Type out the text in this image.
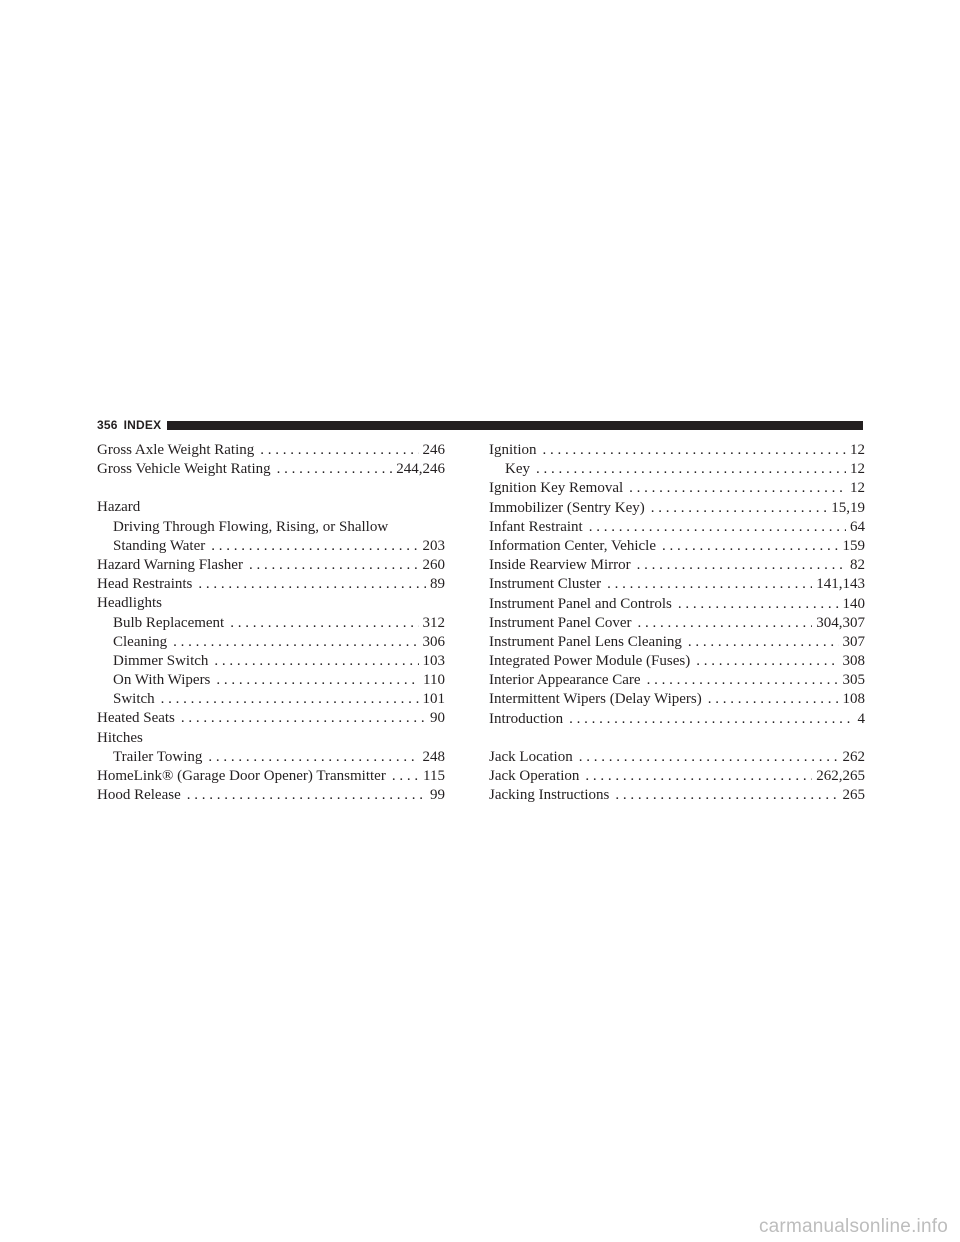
356 INDEX
Gross Axle Weight Rating . . .	246
Gross Vehicle Weight Rating . . .	244,246
Hazard
Driving Through Flowing, Rising, or Shallow
Standing Water . . .	203
Hazard Warning Flasher . . .	260
Head Restraints . . .	89
Headlights
Bulb Replacement . . .	312
Cleaning . . .	306
Dimmer Switch . . .	103
On With Wipers . . .	110
Switch . . .	101
Heated Seats . . .	90
Hitches
Trailer Towing . . .	248
HomeLink® (Garage Door Opener) Transmitter . . . 115
Hood Release . . .	99
Ignition . . .	12
Key . . .	12
Ignition Key Removal . . .	12
Immobilizer (Sentry Key) . . .	15,19
Infant Restraint . . .	64
Information Center, Vehicle . . .	159
Inside Rearview Mirror . . .	82
Instrument Cluster . . .	141,143
Instrument Panel and Controls . . .	140
Instrument Panel Cover . . .	304,307
Instrument Panel Lens Cleaning . . .	307
Integrated Power Module (Fuses) . . .	308
Interior Appearance Care . . .	305
Intermittent Wipers (Delay Wipers) . . .	108
Introduction . . .	4
Jack Location . . .	262
Jack Operation . . .	262,265
Jacking Instructions . . .	265
carmanualsonline.info
